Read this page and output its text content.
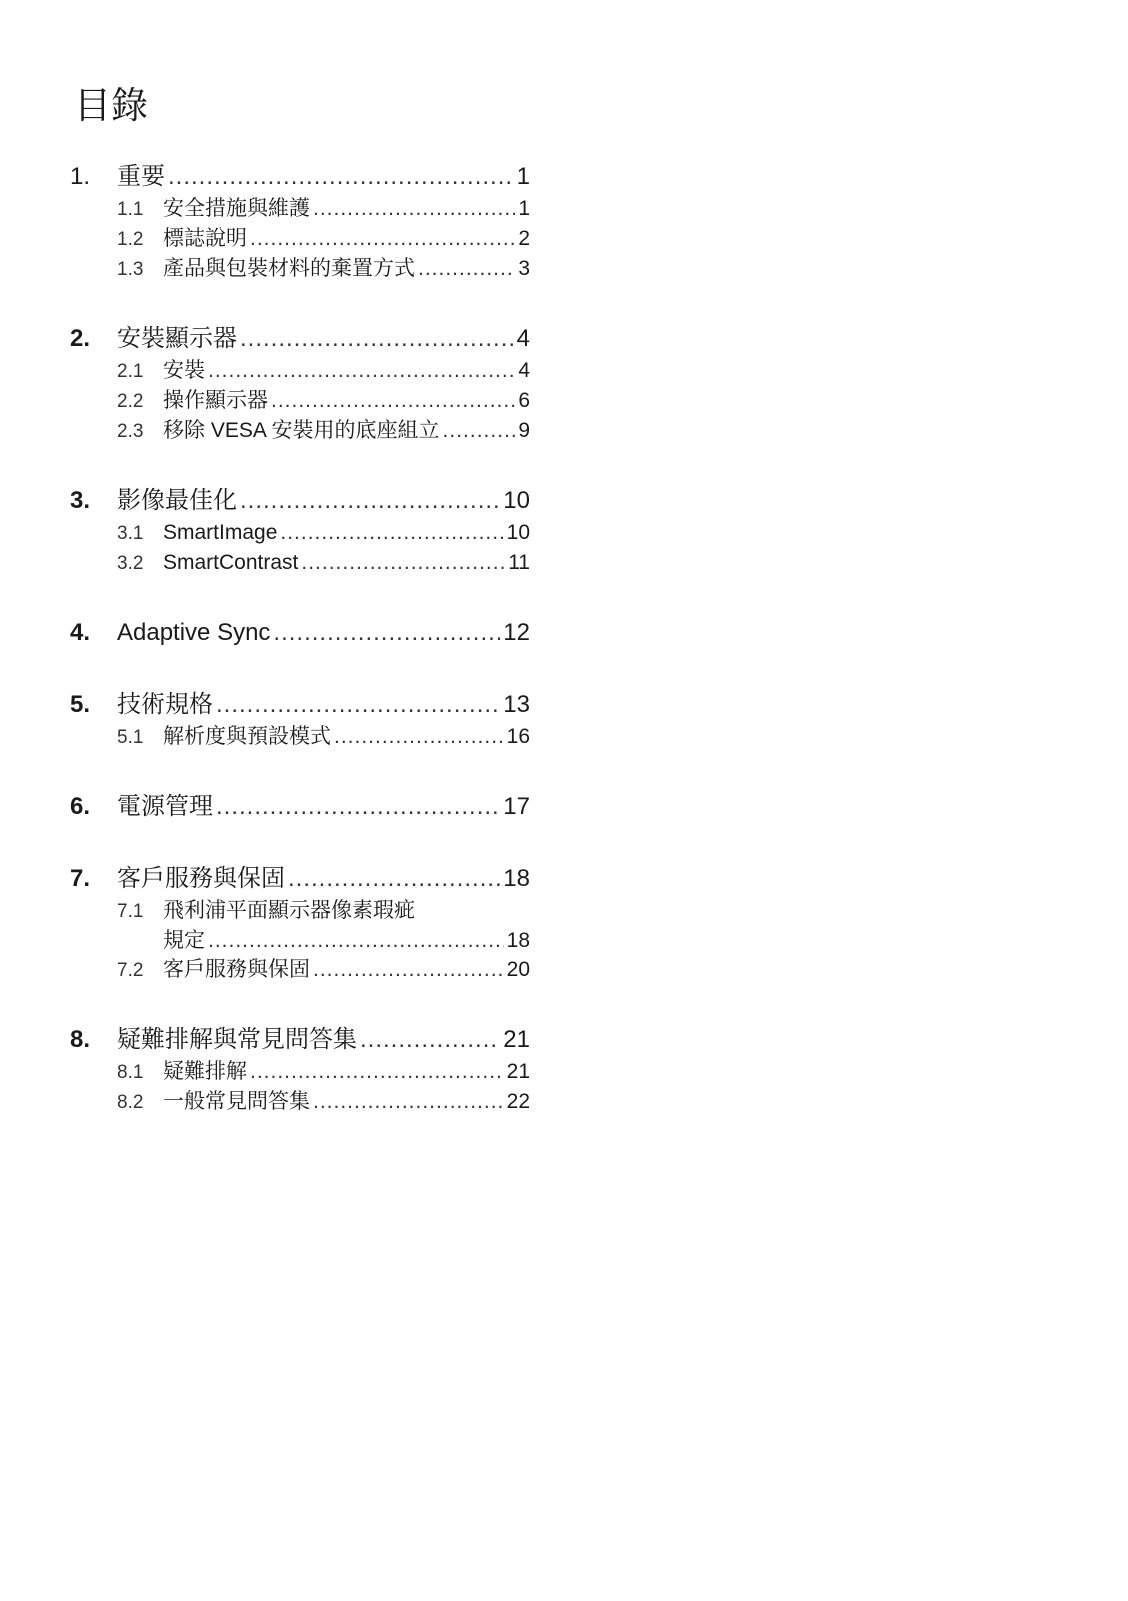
目錄
1.	重要 .....	1
1.1 安全措施與維護 .....	1
1.2 標誌說明 .....	2
1.3 產品與包裝材料的棄置方式 .....	3
2.	安裝顯示器 .....	4
2.1 安裝 .....	4
2.2 操作顯示器 .....	6
2.3 移除 VESA 安裝用的底座組立 .....	9
3.	影像最佳化 .....	10
3.1 SmartImage .....	10
3.2 SmartContrast .....	11
4.	Adaptive Sync .....	12
5.	技術規格 .....	13
5.1 解析度與預設模式 .....	16
6.	電源管理 .....	17
7.	客戶服務與保固 .....	18
7.1 飛利浦平面顯示器像素瑕疵
規定 .....	18
7.2 客戶服務與保固 .....	20
8.	疑難排解與常見問答集 .....	21
8.1 疑難排解 .....	21
8.2 一般常見問答集 .....	22
